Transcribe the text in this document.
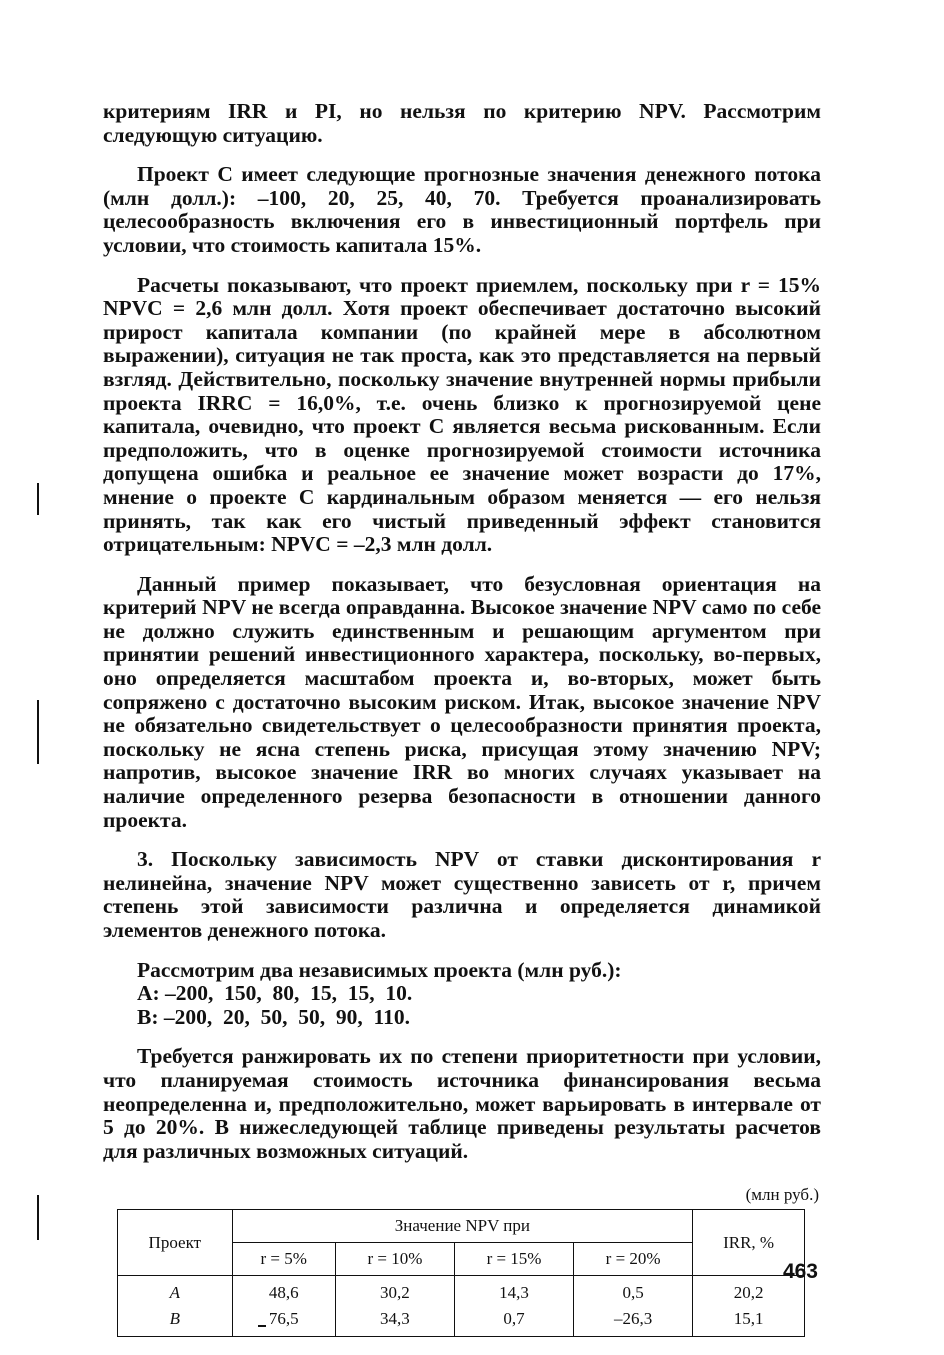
критериям IRR и PI, но нельзя по критерию NPV. Рассмотрим следующую ситуацию.

Проект C имеет следующие прогнозные значения денежного потока (млн долл.): –100, 20, 25, 40, 70. Требуется проанализировать целесообразность включения его в инвестиционный портфель при условии, что стоимость капитала 15%.

Расчеты показывают, что проект приемлем, поскольку при r = 15% NPVC = 2,6 млн долл. Хотя проект обеспечивает достаточно высокий прирост капитала компании (по крайней мере в абсолютном выражении), ситуация не так проста, как это представляется на первый взгляд. Действительно, поскольку значение внутренней нормы прибыли проекта IRRC = 16,0%, т.е. очень близко к прогнозируемой цене капитала, очевидно, что проект C является весьма рискованным. Если предположить, что в оценке прогнозируемой стоимости источника допущена ошибка и реальное ее значение может возрасти до 17%, мнение о проекте C кардинальным образом меняется — его нельзя принять, так как его чистый приведенный эффект становится отрицательным: NPVC = –2,3 млн долл.

Данный пример показывает, что безусловная ориентация на критерий NPV не всегда оправданна. Высокое значение NPV само по себе не должно служить единственным и решающим аргументом при принятии решений инвестиционного характера, поскольку, во-первых, оно определяется масштабом проекта и, во-вторых, может быть сопряжено с достаточно высоким риском. Итак, высокое значение NPV не обязательно свидетельствует о целесообразности принятия проекта, поскольку не ясна степень риска, присущая этому значению NPV; напротив, высокое значение IRR во многих случаях указывает на наличие определенного резерва безопасности в отношении данного проекта.

3. Поскольку зависимость NPV от ставки дисконтирования r нелинейна, значение NPV может существенно зависеть от r, причем степень этой зависимости различна и определяется динамикой элементов денежного потока.

Рассмотрим два независимых проекта (млн руб.):

A: –200,  150,  80,  15,  15,  10.

B: –200,  20,  50,  50,  90,  110.

Требуется ранжировать их по степени приоритетности при условии, что планируемая стоимость источника финансирования весьма неопределенна и, предположительно, может варьировать в интервале от 5 до 20%. В нижеследующей таблице приведены результаты расчетов для различных возможных ситуаций.

(млн руб.)
Проект	Значение NPV при				IRR, %
	r = 5%	r = 10%	r = 15%	r = 20%	
A	48,6	30,2	14,3	0,5	20,2
B	76,5	34,3	0,7	–26,3	15,1
463
